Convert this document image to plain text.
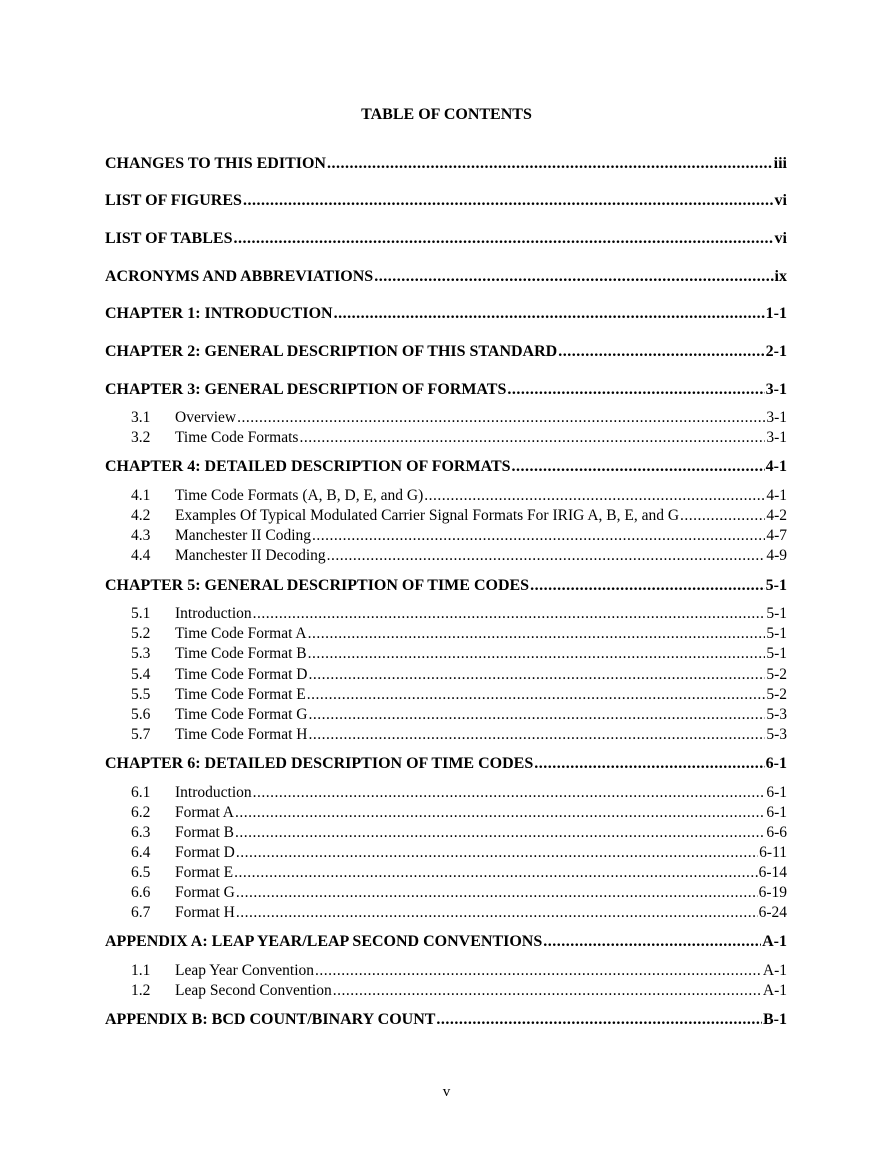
TABLE OF CONTENTS
CHANGES TO THIS EDITION .....	iii
LIST OF FIGURES .....	vi
LIST OF TABLES .....	vi
ACRONYMS AND ABBREVIATIONS .....	ix
CHAPTER 1: INTRODUCTION .....	1-1
CHAPTER 2: GENERAL DESCRIPTION OF THIS STANDARD .....	2-1
CHAPTER 3: GENERAL DESCRIPTION OF FORMATS .....	3-1
3.1	Overview .....	3-1
3.2	Time Code Formats .....	3-1
CHAPTER 4: DETAILED DESCRIPTION OF FORMATS .....	4-1
4.1	Time Code Formats (A, B, D, E, and G) .....	4-1
4.2	Examples Of Typical Modulated Carrier Signal Formats For IRIG A, B, E, and G .....	4-2
4.3	Manchester II Coding .....	4-7
4.4	Manchester II Decoding .....	4-9
CHAPTER 5: GENERAL DESCRIPTION OF TIME CODES .....	5-1
5.1	Introduction .....	5-1
5.2	Time Code Format A .....	5-1
5.3	Time Code Format B .....	5-1
5.4	Time Code Format D .....	5-2
5.5	Time Code Format E .....	5-2
5.6	Time Code Format G .....	5-3
5.7	Time Code Format H .....	5-3
CHAPTER 6: DETAILED DESCRIPTION OF TIME CODES .....	6-1
6.1	Introduction .....	6-1
6.2	Format A .....	6-1
6.3	Format B .....	6-6
6.4	Format D .....	6-11
6.5	Format E .....	6-14
6.6	Format G .....	6-19
6.7	Format H .....	6-24
APPENDIX A: LEAP YEAR/LEAP SECOND CONVENTIONS .....	A-1
1.1	Leap Year Convention .....	A-1
1.2	Leap Second Convention .....	A-1
APPENDIX B: BCD COUNT/BINARY COUNT .....	B-1
v
